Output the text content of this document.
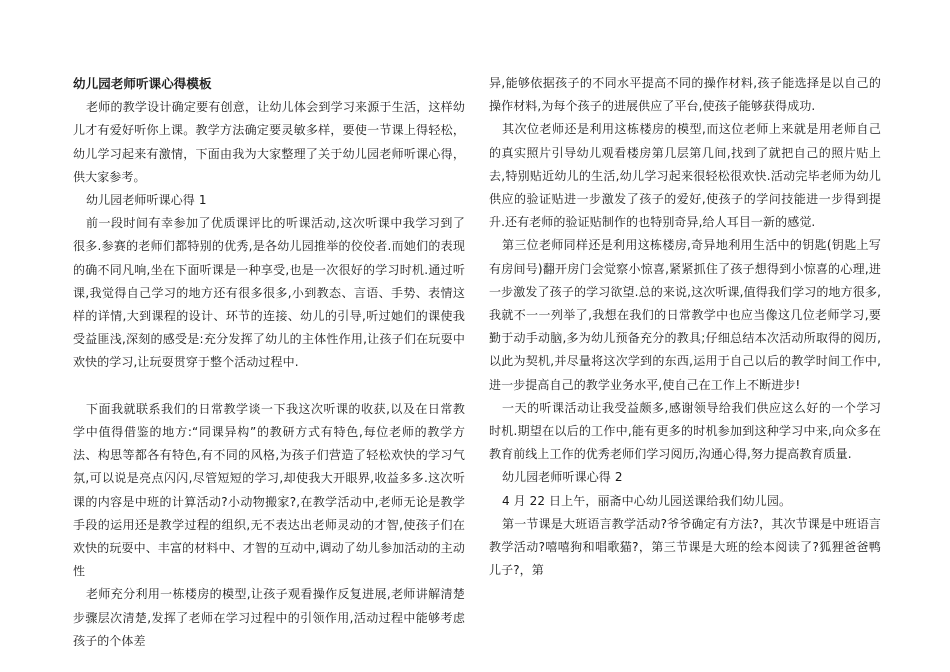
幼儿园老师听课心得模板

老师的教学设计确定要有创意，让幼儿体会到学习来源于生活，这样幼儿才有爱好听你上课。教学方法确定要灵敏多样，要使一节课上得轻松，幼儿学习起来有激情，下面由我为大家整理了关于幼儿园老师听课心得，供大家参考。

幼儿园老师听课心得 1

前一段时间有幸参加了优质课评比的听课活动,这次听课中我学习到了很多.参赛的老师们都特别的优秀,是各幼儿园推举的佼佼者.而她们的表现的确不同凡响,坐在下面听课是一种享受,也是一次很好的学习时机.通过听课,我觉得自己学习的地方还有很多很多,小到教态、言语、手势、表情这样的详情,大到课程的设计、环节的连接、幼儿的引导,听过她们的课使我受益匪浅,深刻的感受是:充分发挥了幼儿的主体性作用,让孩子们在玩耍中欢快的学习,让玩耍贯穿于整个活动过程中.

下面我就联系我们的日常教学谈一下我这次听课的收获,以及在日常教学中值得借鉴的地方:“同课异构”的教研方式有特色,每位老师的教学方法、构思等都各有特色,有不同的风格,为孩子们营造了轻松欢快的学习气氛,可以说是亮点闪闪,尽管短短的学习,却使我大开眼界,收益多多.这次听课的内容是中班的计算活动?小动物搬家?,在教学活动中,老师无论是教学手段的运用还是教学过程的组织,无不表达出老师灵动的才智,使孩子们在欢快的玩耍中、丰富的材料中、才智的互动中,调动了幼儿参加活动的主动性

老师充分利用一栋楼房的模型,让孩子观看操作反复进展,老师讲解清楚步骤层次清楚,发挥了老师在学习过程中的引领作用,活动过程中能够考虑孩子的个体差

异,能够依据孩子的不同水平提高不同的操作材料,孩子能选择是以自己的操作材料,为每个孩子的进展供应了平台,使孩子能够获得成功.

其次位老师还是利用这栋楼房的模型,而这位老师上来就是用老师自己的真实照片引导幼儿观看楼房第几层第几间,找到了就把自己的照片贴上去,特别贴近幼儿的生活,幼儿学习起来很轻松很欢快.活动完毕老师为幼儿供应的验证贴进一步激发了孩子的爱好,使孩子的学问技能进一步得到提升.还有老师的验证贴制作的也特别奇异,给人耳目一新的感觉.

第三位老师同样还是利用这栋楼房,奇异地利用生活中的钥匙(钥匙上写有房间号)翻开房门会觉察小惊喜,紧紧抓住了孩子想得到小惊喜的心理,进一步激发了孩子的学习欲望.总的来说,这次听课,值得我们学习的地方很多,我就不一一列举了,我想在我们的日常教学中也应当像这几位老师学习,要勤于动手动脑,多为幼儿预备充分的教具;仔细总结本次活动所取得的阅历,以此为契机,并尽量将这次学到的东西,运用于自己以后的教学时间工作中,进一步提高自己的教学业务水平,使自己在工作上不断进步!

一天的听课活动让我受益颇多,感谢领导给我们供应这么好的一个学习时机.期望在以后的工作中,能有更多的时机参加到这种学习中来,向众多在教育前线上工作的优秀老师们学习阅历,沟通心得,努力提高教育质量.

幼儿园老师听课心得 2

4 月 22 日上午，丽斋中心幼儿园送课给我们幼儿园。

第一节课是大班语言教学活动?爷爷确定有方法?，其次节课是中班语言教学活动?嘻嘻狗和唱歌猫?，第三节课是大班的绘本阅读了?狐狸爸爸鸭儿子?，第
